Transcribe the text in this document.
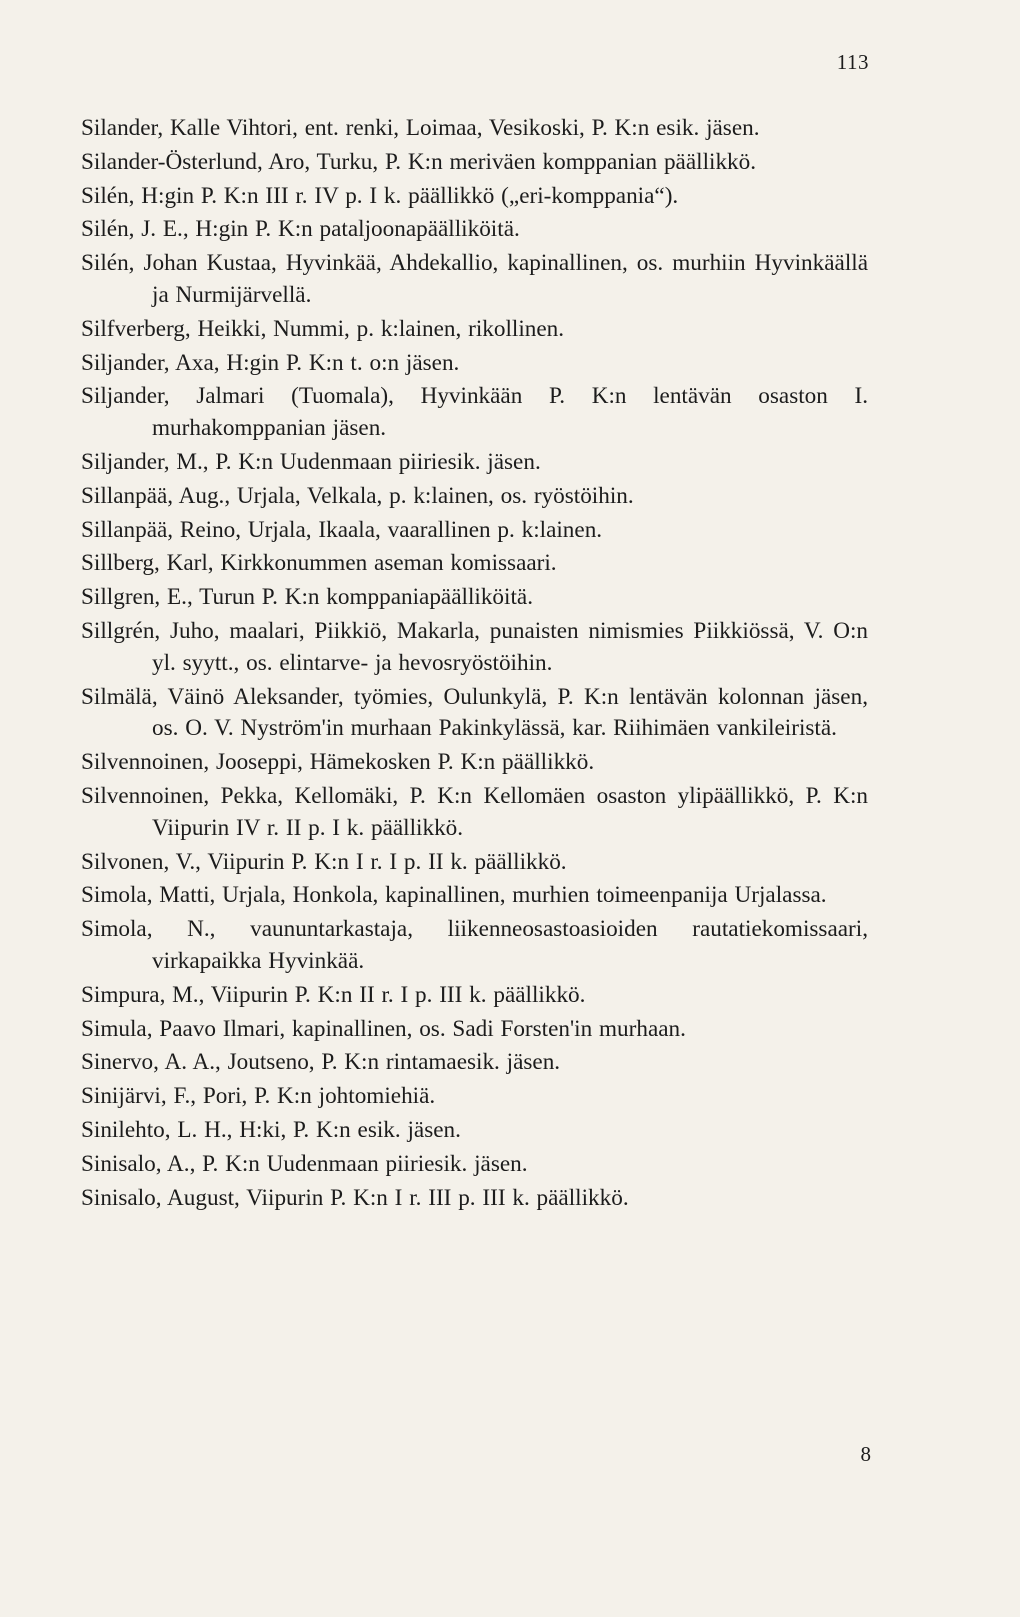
113

Silander, Kalle Vihtori, ent. renki, Loimaa, Vesikoski, P. K:n esik. jäsen.

Silander-Österlund, Aro, Turku, P. K:n meriväen komppanian päällikkö.

Silén, H:gin P. K:n III r. IV p. I k. päällikkö („eri-komppania“).

Silén, J. E., H:gin P. K:n pataljoonapäälliköitä.

Silén, Johan Kustaa, Hyvinkää, Ahdekallio, kapinallinen, os. murhiin Hyvinkäällä ja Nurmijärvellä.

Silfverberg, Heikki, Nummi, p. k:lainen, rikollinen.

Siljander, Axa, H:gin P. K:n t. o:n jäsen.

Siljander, Jalmari (Tuomala), Hyvinkään P. K:n lentävän osaston I. murhakomppanian jäsen.

Siljander, M., P. K:n Uudenmaan piiriesik. jäsen.

Sillanpää, Aug., Urjala, Velkala, p. k:lainen, os. ryöstöihin.

Sillanpää, Reino, Urjala, Ikaala, vaarallinen p. k:lainen.

Sillberg, Karl, Kirkkonummen aseman komissaari.

Sillgren, E., Turun P. K:n komppaniapäälliköitä.

Sillgrén, Juho, maalari, Piikkiö, Makarla, punaisten nimismies Piikkiössä, V. O:n yl. syytt., os. elintarve- ja hevosryöstöihin.

Silmälä, Väinö Aleksander, työmies, Oulunkylä, P. K:n lentävän kolonnan jäsen, os. O. V. Nyström'in murhaan Pakinkylässä, kar. Riihimäen vankileiristä.

Silvennoinen, Jooseppi, Hämekosken P. K:n päällikkö.

Silvennoinen, Pekka, Kellomäki, P. K:n Kellomäen osaston ylipäällikkö, P. K:n Viipurin IV r. II p. I k. päällikkö.

Silvonen, V., Viipurin P. K:n I r. I p. II k. päällikkö.

Simola, Matti, Urjala, Honkola, kapinallinen, murhien toimeenpanija Urjalassa.

Simola, N., vaununtarkastaja, liikenneosastoasioiden rautatiekomissaari, virkapaikka Hyvinkää.

Simpura, M., Viipurin P. K:n II r. I p. III k. päällikkö.

Simula, Paavo Ilmari, kapinallinen, os. Sadi Forsten'in murhaan.

Sinervo, A. A., Joutseno, P. K:n rintamaesik. jäsen.

Sinijärvi, F., Pori, P. K:n johtomiehiä.

Sinilehto, L. H., H:ki, P. K:n esik. jäsen.

Sinisalo, A., P. K:n Uudenmaan piiriesik. jäsen.

Sinisalo, August, Viipurin P. K:n I r. III p. III k. päällikkö.

8
